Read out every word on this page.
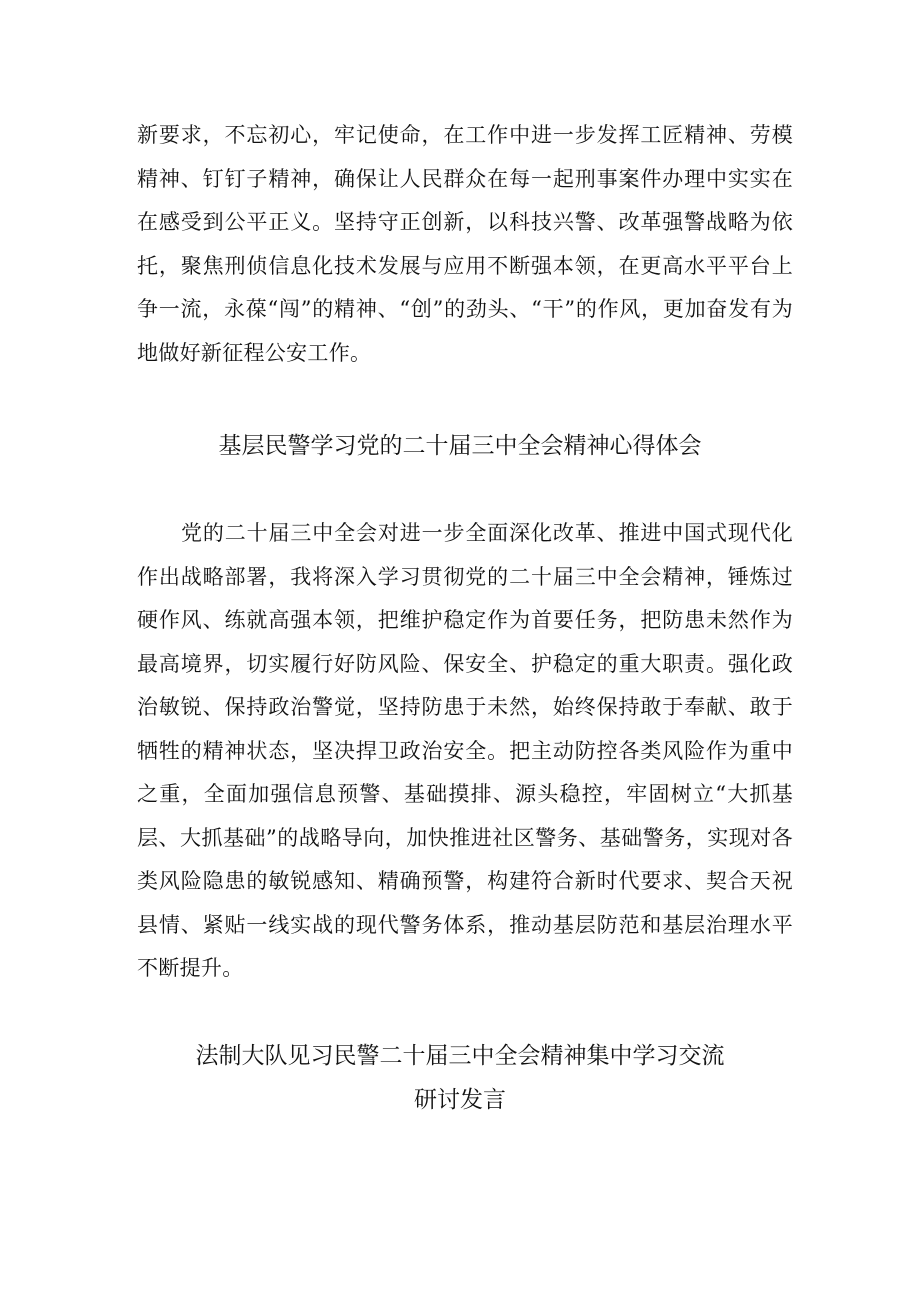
新要求，不忘初心，牢记使命，在工作中进一步发挥工匠精神、劳模精神、钉钉子精神，确保让人民群众在每一起刑事案件办理中实实在在感受到公平正义。坚持守正创新，以科技兴警、改革强警战略为依托，聚焦刑侦信息化技术发展与应用不断强本领，在更高水平平台上争一流，永葆“闯”的精神、“创”的劲头、“干”的作风，更加奋发有为地做好新征程公安工作。

基层民警学习党的二十届三中全会精神心得体会

党的二十届三中全会对进一步全面深化改革、推进中国式现代化作出战略部署，我将深入学习贯彻党的二十届三中全会精神，锤炼过硬作风、练就高强本领，把维护稳定作为首要任务，把防患未然作为最高境界，切实履行好防风险、保安全、护稳定的重大职责。强化政治敏锐、保持政治警觉，坚持防患于未然，始终保持敢于奉献、敢于牺牲的精神状态，坚决捍卫政治安全。把主动防控各类风险作为重中之重，全面加强信息预警、基础摸排、源头稳控，牢固树立“大抓基层、大抓基础”的战略导向，加快推进社区警务、基础警务，实现对各类风险隐患的敏锐感知、精确预警，构建符合新时代要求、契合天祝县情、紧贴一线实战的现代警务体系，推动基层防范和基层治理水平不断提升。

法制大队见习民警二十届三中全会精神集中学习交流
研讨发言
